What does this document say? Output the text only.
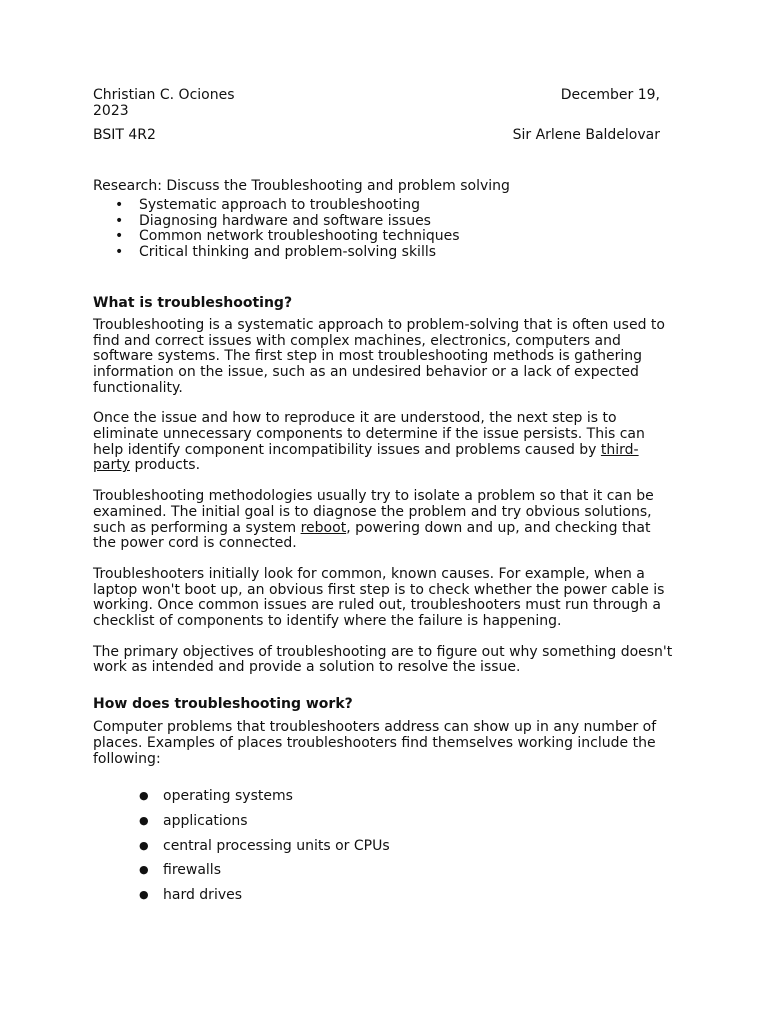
Christian C. Ociones	December 19,
2023
BSIT 4R2	Sir Arlene Baldelovar
Research: Discuss the Troubleshooting and problem solving
• Systematic approach to troubleshooting
• Diagnosing hardware and software issues
• Common network troubleshooting techniques
• Critical thinking and problem-solving skills
What is troubleshooting?

Troubleshooting is a systematic approach to problem-solving that is often used to find and correct issues with complex machines, electronics, computers and software systems. The first step in most troubleshooting methods is gathering information on the issue, such as an undesired behavior or a lack of expected functionality.

Once the issue and how to reproduce it are understood, the next step is to eliminate unnecessary components to determine if the issue persists. This can help identify component incompatibility issues and problems caused by third-party products.

Troubleshooting methodologies usually try to isolate a problem so that it can be examined. The initial goal is to diagnose the problem and try obvious solutions, such as performing a system reboot, powering down and up, and checking that the power cord is connected.

Troubleshooters initially look for common, known causes. For example, when a laptop won't boot up, an obvious first step is to check whether the power cable is working. Once common issues are ruled out, troubleshooters must run through a checklist of components to identify where the failure is happening.

The primary objectives of troubleshooting are to figure out why something doesn't work as intended and provide a solution to resolve the issue.

How does troubleshooting work?

Computer problems that troubleshooters address can show up in any number of places. Examples of places troubleshooters find themselves working include the following:

● operating systems
● applications
● central processing units or CPUs
● firewalls
● hard drives
